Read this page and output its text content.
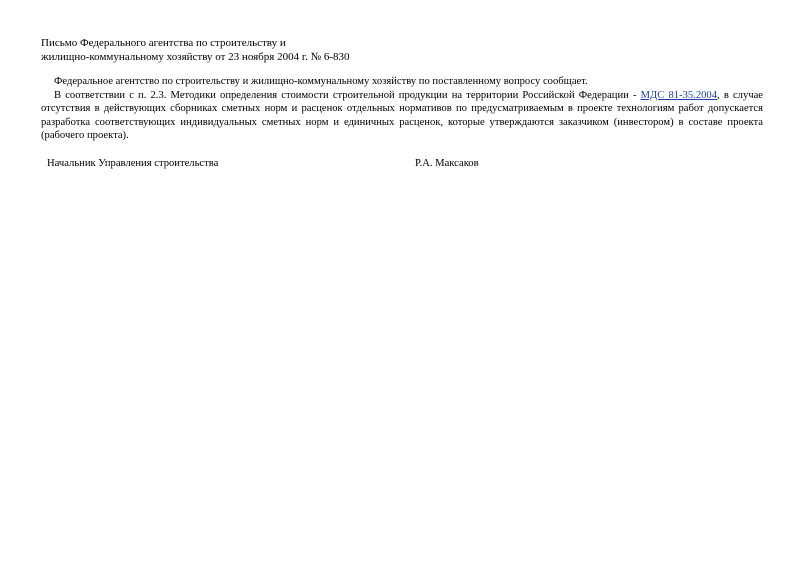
Письмо Федерального агентства по строительству и
жилищно-коммунальному хозяйству от 23 ноября 2004 г. № 6-830

Федеральное агентство по строительству и жилищно-коммунальному хозяйству по поставленному вопросу сообщает.

В соответствии с п. 2.3. Методики определения стоимости строительной продукции на территории Российской Федерации - МДС 81-35.2004, в случае отсутствия в действующих сборниках сметных норм и расценок отдельных нормативов по предусматриваемым в проекте технологиям работ допускается разработка соответствующих индивидуальных сметных норм и единичных расценок, которые утверждаются заказчиком (инвестором) в составе проекта (рабочего проекта).

Начальник Управления строительства	Р.А. Максаков
